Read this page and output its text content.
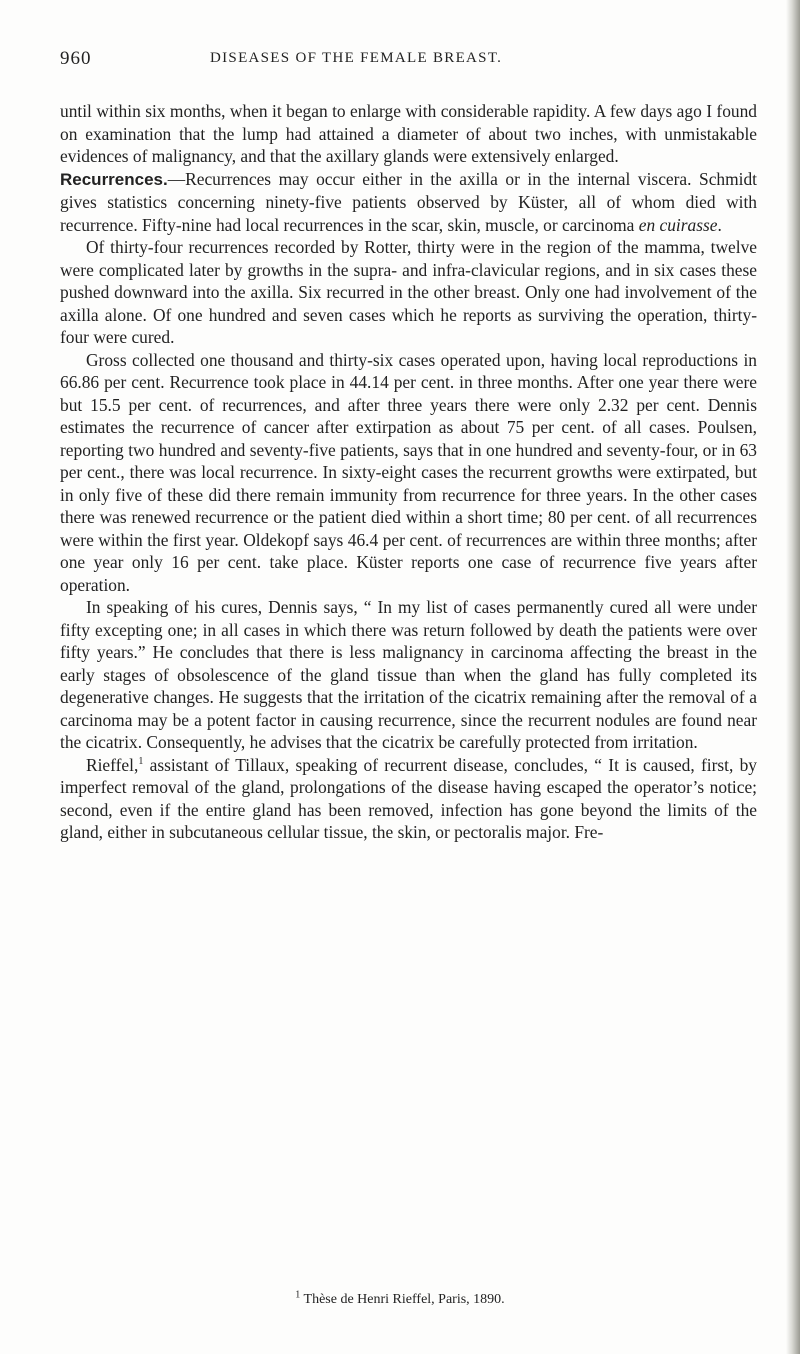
960	DISEASES OF THE FEMALE BREAST.

until within six months, when it began to enlarge with considerable rapidity. A few days ago I found on examination that the lump had attained a diameter of about two inches, with unmistakable evidences of malignancy, and that the axillary glands were extensively enlarged.

Recurrences.—Recurrences may occur either in the axilla or in the internal viscera. Schmidt gives statistics concerning ninety-five patients observed by Küster, all of whom died with recurrence. Fifty-nine had local recurrences in the scar, skin, muscle, or carcinoma en cuirasse.

Of thirty-four recurrences recorded by Rotter, thirty were in the region of the mamma, twelve were complicated later by growths in the supra- and infra-clavicular regions, and in six cases these pushed downward into the axilla. Six recurred in the other breast. Only one had involvement of the axilla alone. Of one hundred and seven cases which he reports as surviving the operation, thirty-four were cured.

Gross collected one thousand and thirty-six cases operated upon, having local reproductions in 66.86 per cent. Recurrence took place in 44.14 per cent. in three months. After one year there were but 15.5 per cent. of recurrences, and after three years there were only 2.32 per cent. Dennis estimates the recurrence of cancer after extirpation as about 75 per cent. of all cases. Poulsen, reporting two hundred and seventy-five patients, says that in one hundred and seventy-four, or in 63 per cent., there was local recurrence. In sixty-eight cases the recurrent growths were extirpated, but in only five of these did there remain immunity from recurrence for three years. In the other cases there was renewed recurrence or the patient died within a short time; 80 per cent. of all recurrences were within the first year. Oldekopf says 46.4 per cent. of recurrences are within three months; after one year only 16 per cent. take place. Küster reports one case of recurrence five years after operation.

In speaking of his cures, Dennis says, “ In my list of cases permanently cured all were under fifty excepting one; in all cases in which there was return followed by death the patients were over fifty years.” He concludes that there is less malignancy in carcinoma affecting the breast in the early stages of obsolescence of the gland tissue than when the gland has fully completed its degenerative changes. He suggests that the irritation of the cicatrix remaining after the removal of a carcinoma may be a potent factor in causing recurrence, since the recurrent nodules are found near the cicatrix. Consequently, he advises that the cicatrix be carefully protected from irritation.

Rieffel,$^1$ assistant of Tillaux, speaking of recurrent disease, concludes, “ It is caused, first, by imperfect removal of the gland, prolongations of the disease having escaped the operator’s notice; second, even if the entire gland has been removed, infection has gone beyond the limits of the gland, either in subcutaneous cellular tissue, the skin, or pectoralis major. Fre-

$^1$ Thèse de Henri Rieffel, Paris, 1890.
